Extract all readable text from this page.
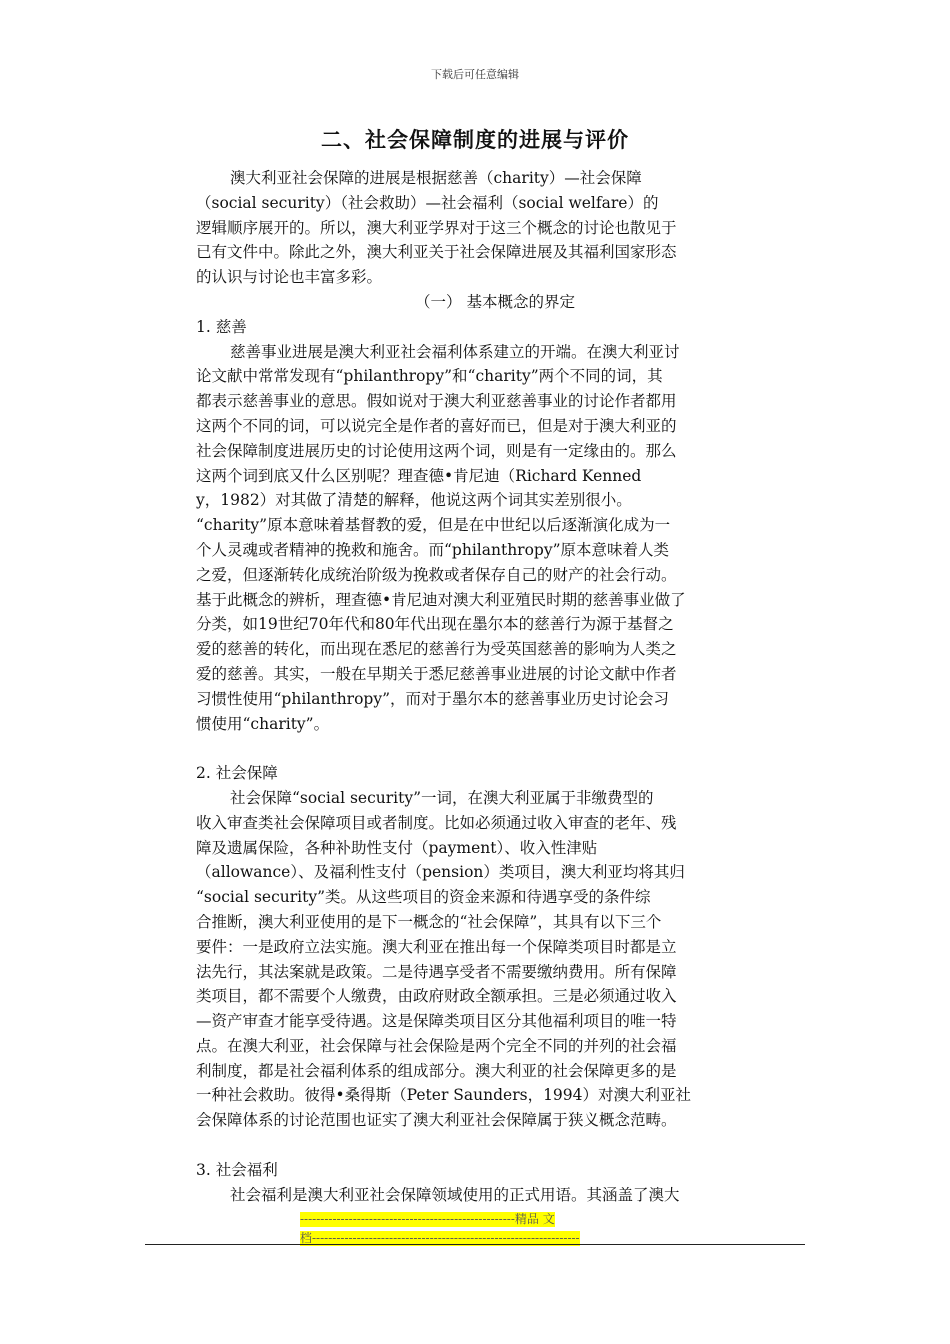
下载后可任意编辑
二、社会保障制度的进展与评价
澳大利亚社会保障的进展是根据慈善（charity）—社会保障
（social security）（社会救助）—社会福利（social welfare）的
逻辑顺序展开的。所以，澳大利亚学界对于这三个概念的讨论也散见于
已有文件中。除此之外，澳大利亚关于社会保障进展及其福利国家形态
的认识与讨论也丰富多彩。
（一） 基本概念的界定
1. 慈善
慈善事业进展是澳大利亚社会福利体系建立的开端。在澳大利亚讨
论文献中常常发现有“philanthropy”和“charity”两个不同的词，其
都表示慈善事业的意思。假如说对于澳大利亚慈善事业的讨论作者都用
这两个不同的词，可以说完全是作者的喜好而已，但是对于澳大利亚的
社会保障制度进展历史的讨论使用这两个词，则是有一定缘由的。那么
这两个词到底又什么区别呢？理查德•肯尼迪（Richard Kenned
y，1982）对其做了清楚的解释，他说这两个词其实差别很小。
“charity”原本意味着基督教的爱，但是在中世纪以后逐渐演化成为一
个人灵魂或者精神的挽救和施舍。而“philanthropy”原本意味着人类
之爱，但逐渐转化成统治阶级为挽救或者保存自己的财产的社会行动。
基于此概念的辨析，理查德•肯尼迪对澳大利亚殖民时期的慈善事业做了
分类，如19世纪70年代和80年代出现在墨尔本的慈善行为源于基督之
爱的慈善的转化，而出现在悉尼的慈善行为受英国慈善的影响为人类之
爱的慈善。其实，一般在早期关于悉尼慈善事业进展的讨论文献中作者
习惯性使用“philanthropy”，而对于墨尔本的慈善事业历史讨论会习
惯使用“charity”。
2. 社会保障
社会保障“social security”一词，在澳大利亚属于非缴费型的
收入审查类社会保障项目或者制度。比如必须通过收入审查的老年、残
障及遗属保险，各种补助性支付（payment）、收入性津贴
（allowance）、及福利性支付（pension）类项目，澳大利亚均将其归
“social security”类。从这些项目的资金来源和待遇享受的条件综
合推断，澳大利亚使用的是下一概念的“社会保障”，其具有以下三个
要件：一是政府立法实施。澳大利亚在推出每一个保障类项目时都是立
法先行，其法案就是政策。二是待遇享受者不需要缴纳费用。所有保障
类项目，都不需要个人缴费，由政府财政全额承担。三是必须通过收入
—资产审查才能享受待遇。这是保障类项目区分其他福利项目的唯一特
点。在澳大利亚，社会保障与社会保险是两个完全不同的并列的社会福
利制度，都是社会福利体系的组成部分。澳大利亚的社会保障更多的是
一种社会救助。彼得•桑得斯（Peter Saunders，1994）对澳大利亚社
会保障体系的讨论范围也证实了澳大利亚社会保障属于狭义概念范畴。
3. 社会福利
社会福利是澳大利亚社会保障领域使用的正式用语。其涵盖了澳大
-----------------------------------------------------精品 文
档------------------------------------------------------------------
